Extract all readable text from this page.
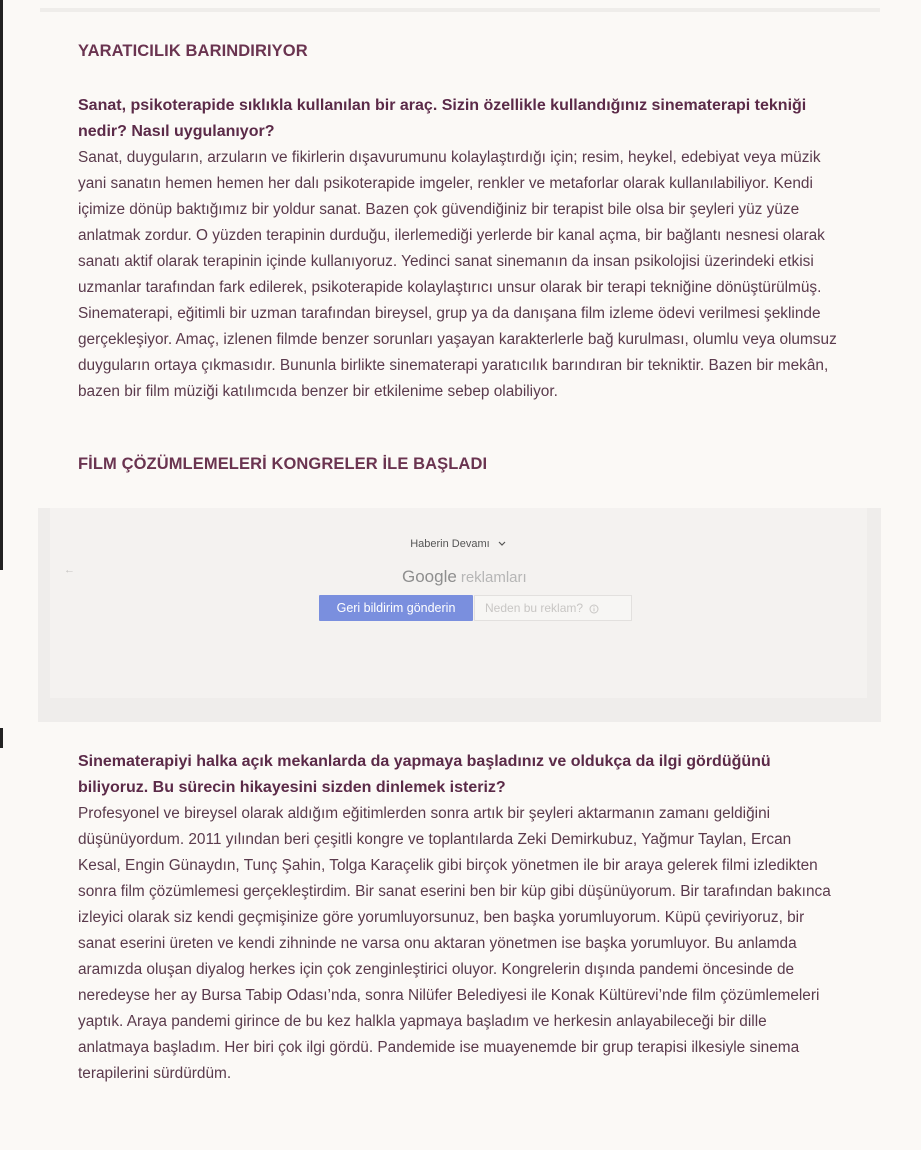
YARATICILIK BARINDIRIYOR

Sanat, psikoterapide sıklıkla kullanılan bir araç. Sizin özellikle kullandığınız sinematerapi tekniği nedir? Nasıl uygulanıyor?

Sanat, duyguların, arzuların ve fikirlerin dışavurumunu kolaylaştırdığı için; resim, heykel, edebiyat veya müzik yani sanatın hemen hemen her dalı psikoterapide imgeler, renkler ve metaforlar olarak kullanılabiliyor. Kendi içimize dönüp baktığımız bir yoldur sanat. Bazen çok güvendiğiniz bir terapist bile olsa bir şeyleri yüz yüze anlatmak zordur. O yüzden terapinin durduğu, ilerlemediği yerlerde bir kanal açma, bir bağlantı nesnesi olarak sanatı aktif olarak terapinin içinde kullanıyoruz. Yedinci sanat sinemanın da insan psikolojisi üzerindeki etkisi uzmanlar tarafından fark edilerek, psikoterapide kolaylaştırıcı unsur olarak bir terapi tekniğine dönüştürülmüş. Sinematerapi, eğitimli bir uzman tarafından bireysel, grup ya da danışana film izleme ödevi verilmesi şeklinde gerçekleşiyor. Amaç, izlenen filmde benzer sorunları yaşayan karakterlerle bağ kurulması, olumlu veya olumsuz duyguların ortaya çıkmasıdır. Bununla birlikte sinematerapi yaratıcılık barındıran bir tekniktir. Bazen bir mekân, bazen bir film müziği katılımcıda benzer bir etkilenime sebep olabiliyor.

FİLM ÇÖZÜMLEMELERİ KONGRELER İLE BAŞLADI

Sinematerapiyi halka açık mekanlarda da yapmaya başladınız ve oldukça da ilgi gördüğünü biliyoruz. Bu sürecin hikayesini sizden dinlemek isteriz?

Profesyonel ve bireysel olarak aldığım eğitimlerden sonra artık bir şeyleri aktarmanın zamanı geldiğini düşünüyordum. 2011 yılından beri çeşitli kongre ve toplantılarda Zeki Demirkubuz, Yağmur Taylan, Ercan Kesal, Engin Günaydın, Tunç Şahin, Tolga Karaçelik gibi birçok yönetmen ile bir araya gelerek filmi izledikten sonra film çözümlemesi gerçekleştirdim. Bir sanat eserini ben bir küp gibi düşünüyorum. Bir tarafından bakınca izleyici olarak siz kendi geçmişinize göre yorumluyorsunuz, ben başka yorumluyorum. Küpü çeviriyoruz, bir sanat eserini üreten ve kendi zihninde ne varsa onu aktaran yönetmen ise başka yorumluyor. Bu anlamda aramızda oluşan diyalog herkes için çok zenginleştirici oluyor. Kongrelerin dışında pandemi öncesinde de neredeyse her ay Bursa Tabip Odası’nda, sonra Nilüfer Belediyesi ile Konak Kültürevi’nde film çözümlemeleri yaptık. Araya pandemi girince de bu kez halkla yapmaya başladım ve herkesin anlayabileceği bir dille anlatmaya başladım. Her biri çok ilgi gördü. Pandemide ise muayenemde bir grup terapisi ilkesiyle sinema terapilerini sürdürdüm.

Haberin Devamı
←	Google reklamları
Geri bildirim gönderin	Neden bu reklam?
